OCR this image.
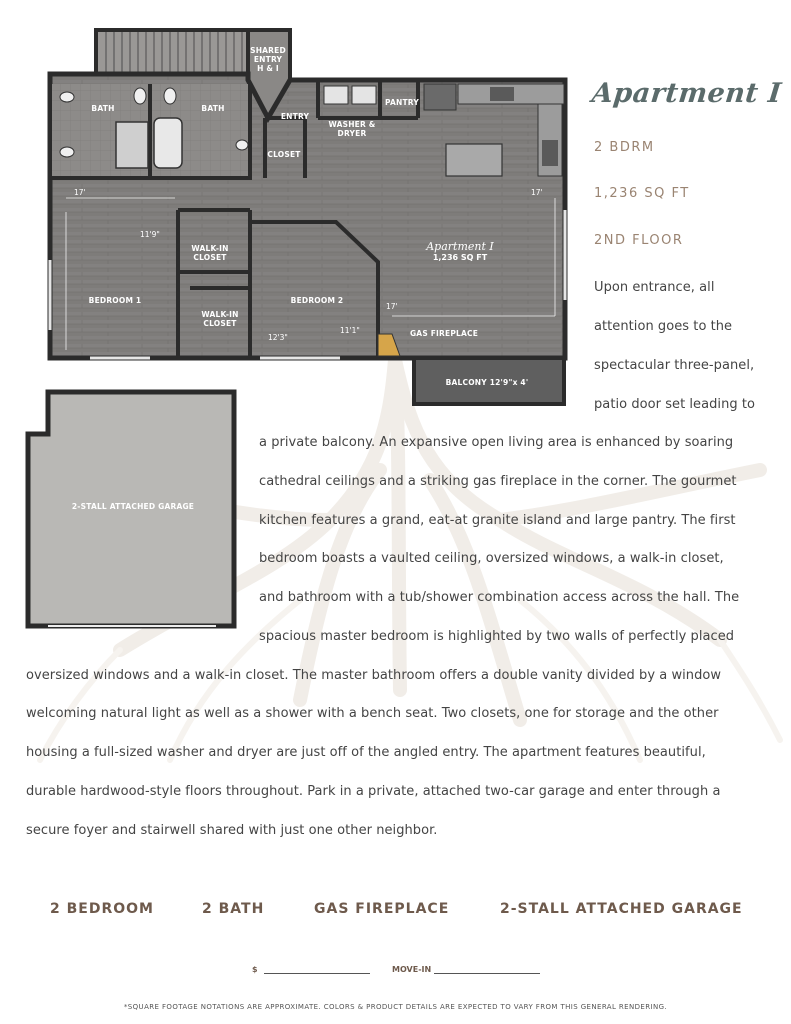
SHARED
ENTRY
H & I
BATH	BATH
ENTRY
CLOSET
WASHER &
DRYER
PANTRY
WALK-IN
CLOSET
WALK-IN
CLOSET
BEDROOM 1	BEDROOM 2
GAS FIREPLACE
BALCONY 12'9"x 4'
2-STALL ATTACHED GARAGE
17'	17'
11'9"
17'
12'3"
11'1"
Apartment I
1,236 SQ FT
Apartment I
2 BDRM
1,236 SQ FT
2ND FLOOR
Upon entrance, all
attention goes to the
spectacular three-panel,
patio door set leading to
a private balcony. An expansive open living area is enhanced by soaring
cathedral ceilings and a striking gas fireplace in the corner. The gourmet
kitchen features a grand, eat-at granite island and large pantry. The first
bedroom boasts a vaulted ceiling, oversized windows, a walk-in closet,
and bathroom with a tub/shower combination access across the hall. The
spacious master bedroom is highlighted by two walls of perfectly placed
oversized windows and a walk-in closet. The master bathroom offers a double vanity divided by a window
welcoming natural light as well as a shower with a bench seat. Two closets, one for storage and the other
housing a full-sized washer and dryer are just off of the angled entry. The apartment features beautiful,
durable hardwood-style floors throughout. Park in a private, attached two-car garage and enter through a
secure foyer and stairwell shared with just one other neighbor.
2 BEDROOM	2 BATH	GAS FIREPLACE	2-STALL ATTACHED GARAGE
$	MOVE-IN
*SQUARE FOOTAGE NOTATIONS ARE APPROXIMATE. COLORS & PRODUCT DETAILS ARE EXPECTED TO VARY FROM THIS GENERAL RENDERING.
